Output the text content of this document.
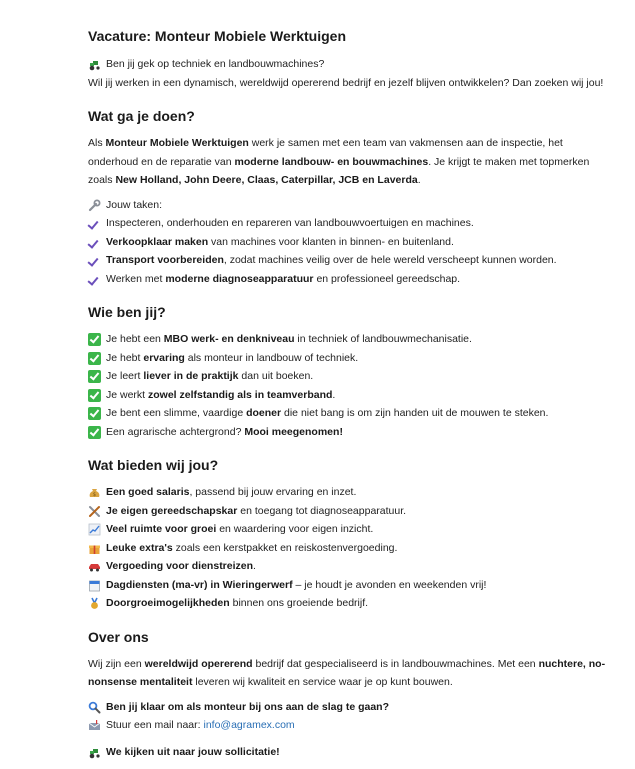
Vacature: Monteur Mobiele Werktuigen
Ben jij gek op techniek en landbouwmachines?

Wil jij werken in een dynamisch, wereldwijd opererend bedrijf en jezelf blijven ontwikkelen? Dan zoeken wij jou!

Wat ga je doen?

Als Monteur Mobiele Werktuigen werk je samen met een team van vakmensen aan de inspectie, het onderhoud en de reparatie van moderne landbouw- en bouwmachines. Je krijgt te maken met topmerken zoals New Holland, John Deere, Claas, Caterpillar, JCB en Laverda.

Jouw taken:
Inspecteren, onderhouden en repareren van landbouwvoertuigen en machines.
Verkoopklaar maken van machines voor klanten in binnen- en buitenland.
Transport voorbereiden, zodat machines veilig over de hele wereld verscheept kunnen worden.
Werken met moderne diagnoseapparatuur en professioneel gereedschap.
Wie ben jij?
Je hebt een MBO werk- en denkniveau in techniek of landbouwmechanisatie.
Je hebt ervaring als monteur in landbouw of techniek.
Je leert liever in de praktijk dan uit boeken.
Je werkt zowel zelfstandig als in teamverband.
Je bent een slimme, vaardige doener die niet bang is om zijn handen uit de mouwen te steken.
Een agrarische achtergrond? Mooi meegenomen!
Wat bieden wij jou?
$ Een goed salaris, passend bij jouw ervaring en inzet.
Je eigen gereedschapskar en toegang tot diagnoseapparatuur.
Veel ruimte voor groei en waardering voor eigen inzicht.
Leuke extra's zoals een kerstpakket en reiskostenvergoeding.
Vergoeding voor dienstreizen.
Dagdiensten (ma-vr) in Wieringerwerf – je houdt je avonden en weekenden vrij!
Doorgroeimogelijkheden binnen ons groeiende bedrijf.
Over ons

Wij zijn een wereldwijd opererend bedrijf dat gespecialiseerd is in landbouwmachines. Met een nuchtere, no-nonsense mentaliteit leveren wij kwaliteit en service waar je op kunt bouwen.

Ben jij klaar om als monteur bij ons aan de slag te gaan?
Stuur een mail naar: info@agramex.com
We kijken uit naar jouw sollicitatie!
